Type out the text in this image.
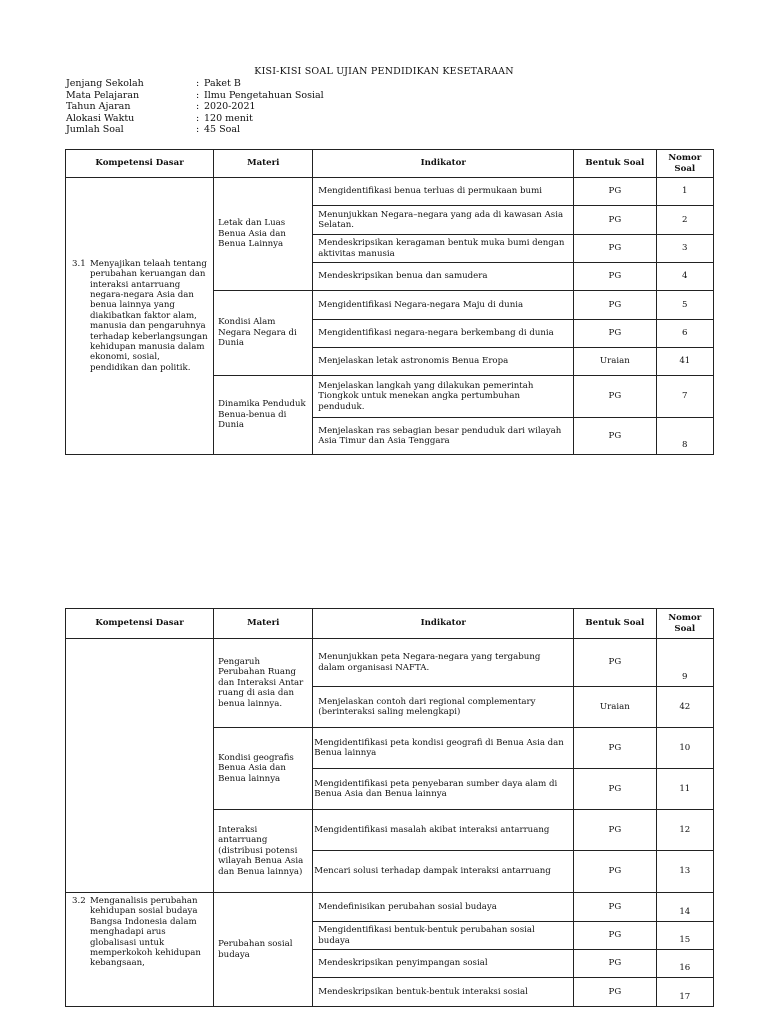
KISI-KISI SOAL UJIAN PENDIDIKAN KESETARAAN
Jenjang Sekolah	: Paket B
Mata Pelajaran	: Ilmu Pengetahuan Sosial
Tahun Ajaran	: 2020-2021
Alokasi Waktu	: 120 menit
Jumlah Soal	: 45 Soal
Kompetensi Dasar	Materi	Indikator	Bentuk Soal	Nomor Soal

3.1 Menyajikan telaah tentang perubahan keruangan dan interaksi antarruang negara-negara Asia dan benua lainnya yang diakibatkan faktor alam, manusia dan pengaruhnya terhadap keberlangsungan kehidupan manusia dalam ekonomi, sosial, pendidikan dan politik.	Letak dan Luas Benua Asia dan Benua Lainnya	Mengidentifikasi benua terluas di permukaan bumi	PG	1
		Menunjukkan Negara–negara yang ada di kawasan Asia Selatan.	PG	2
		Mendeskripsikan keragaman bentuk muka bumi dengan aktivitas manusia	PG	3
		Mendeskripsikan benua dan samudera	PG	4
	Kondisi Alam Negara Negara di Dunia	Mengidentifikasi Negara-negara Maju di dunia	PG	5
		Mengidentifikasi negara-negara berkembang di dunia	PG	6
		Menjelaskan letak astronomis Benua Eropa	Uraian	41
	Dinamika Penduduk Benua-benua di Dunia	Menjelaskan langkah yang dilakukan pemerintah Tiongkok untuk menekan angka pertumbuhan penduduk.	PG	7
		Menjelaskan ras sebagian besar penduduk dari wilayah Asia Timur dan Asia Tenggara	PG	8
Kompetensi Dasar	Materi	Indikator	Bentuk Soal	Nomor Soal
	Pengaruh Perubahan Ruang dan Interaksi Antar ruang di asia dan benua lainnya.	Menunjukkan peta Negara-negara yang tergabung dalam organisasi NAFTA.	PG	9
		Menjelaskan contoh dari regional complementary (berinteraksi saling melengkapi)	Uraian	42
	Kondisi geografis Benua Asia dan Benua lainnya	Mengidentifikasi peta kondisi geografi di Benua Asia dan Benua lainnya	PG	10
		Mengidentifikasi peta penyebaran sumber daya alam di Benua Asia dan Benua lainnya	PG	11
	Interaksi antarruang (distribusi potensi wilayah Benua Asia dan Benua lainnya)	Mengidentifikasi masalah akibat interaksi antarruang	PG	12
		Mencari solusi terhadap dampak interaksi antarruang	PG	13

3.2 Menganalisis perubahan kehidupan sosial budaya Bangsa Indonesia dalam menghadapi arus globalisasi untuk memperkokoh kehidupan kebangsaan,	Perubahan sosial budaya	Mendefinisikan perubahan sosial budaya	PG	14
		Mengidentifikasi bentuk-bentuk perubahan sosial budaya	PG	15
		Mendeskripsikan penyimpangan sosial	PG	16
		Mendeskripsikan bentuk-bentuk interaksi sosial	PG	17
